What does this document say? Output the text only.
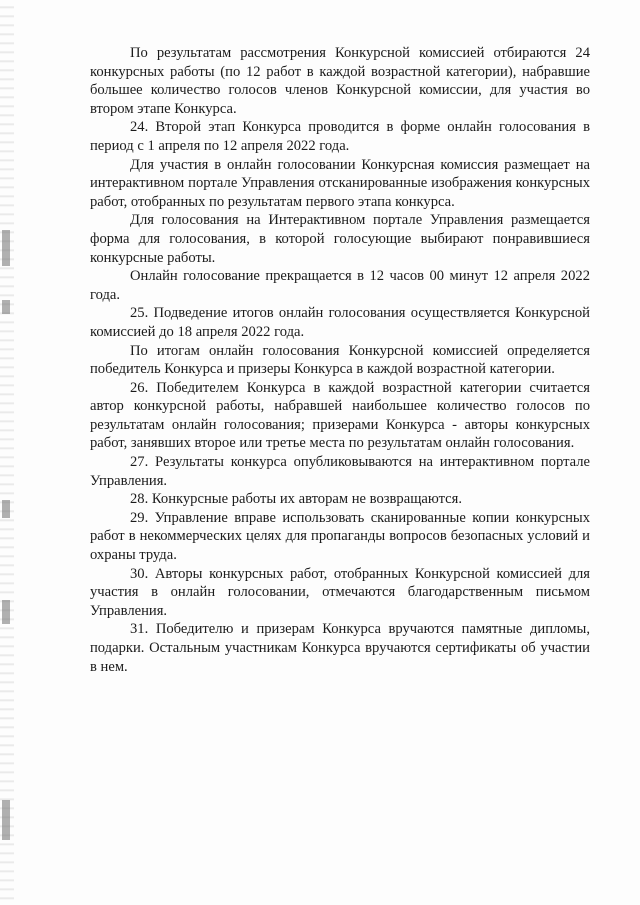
По результатам рассмотрения Конкурсной комиссией отбираются 24 конкурсных работы (по 12 работ в каждой возрастной категории), набравшие большее количество голосов членов Конкурсной комиссии, для участия во втором этапе Конкурса.

24. Второй этап Конкурса проводится в форме онлайн голосования в период с 1 апреля по 12 апреля 2022 года.

Для участия в онлайн голосовании Конкурсная комиссия размещает на интерактивном портале Управления отсканированные изображения конкурсных работ, отобранных по результатам первого этапа конкурса.

Для голосования на Интерактивном портале Управления размещается форма для голосования, в которой голосующие выбирают понравившиеся конкурсные работы.

Онлайн голосование прекращается в 12 часов 00 минут 12 апреля 2022 года.

25. Подведение итогов онлайн голосования осуществляется Конкурсной комиссией до 18 апреля 2022 года.

По итогам онлайн голосования Конкурсной комиссией определяется победитель Конкурса и призеры Конкурса в каждой возрастной категории.

26. Победителем Конкурса в каждой возрастной категории считается автор конкурсной работы, набравшей наибольшее количество голосов по результатам онлайн голосования; призерами Конкурса - авторы конкурсных работ, занявших второе или третье места по результатам онлайн голосования.

27. Результаты конкурса опубликовываются на интерактивном портале Управления.

28. Конкурсные работы их авторам не возвращаются.

29. Управление вправе использовать сканированные копии конкурсных работ в некоммерческих целях для пропаганды вопросов безопасных условий и охраны труда.

30. Авторы конкурсных работ, отобранных Конкурсной комиссией для участия в онлайн голосовании, отмечаются благодарственным письмом Управления.

31. Победителю и призерам Конкурса вручаются памятные дипломы, подарки. Остальным участникам Конкурса вручаются сертификаты об участии в нем.
